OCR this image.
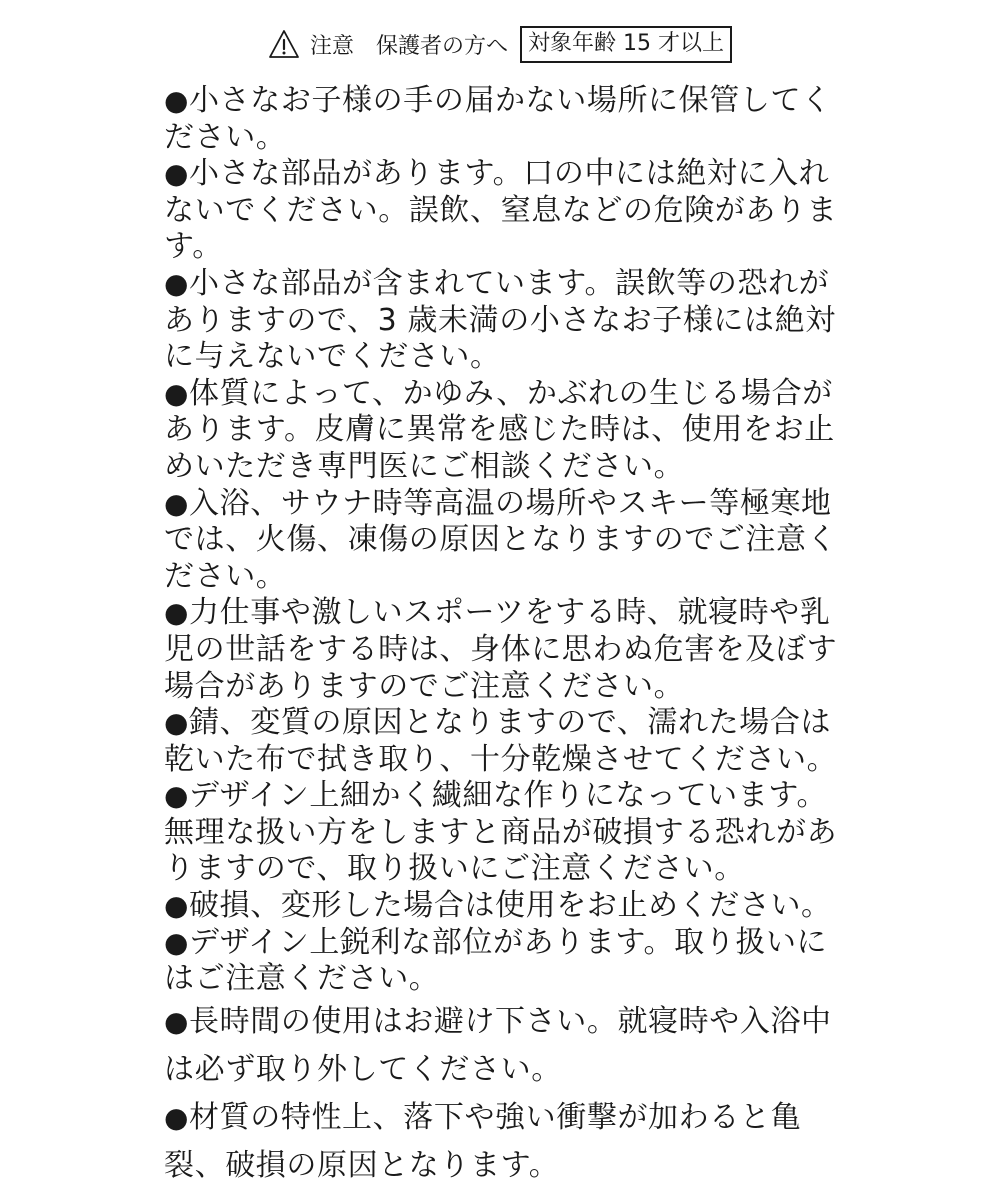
注意 保護者の方へ 対象年齢 15 才以上

●小さなお子様の手の届かない場所に保管してください。

●小さな部品があります。口の中には絶対に入れないでください。誤飲、窒息などの危険があります。

●小さな部品が含まれています。誤飲等の恐れがありますので、3 歳未満の小さなお子様には絶対に与えないでください。

●体質によって、かゆみ、かぶれの生じる場合があります。皮膚に異常を感じた時は、使用をお止めいただき専門医にご相談ください。

●入浴、サウナ時等高温の場所やスキー等極寒地では、火傷、凍傷の原因となりますのでご注意ください。

●力仕事や激しいスポーツをする時、就寝時や乳児の世話をする時は、身体に思わぬ危害を及ぼす場合がありますのでご注意ください。

●錆、変質の原因となりますので、濡れた場合は乾いた布で拭き取り、十分乾燥させてください。

●デザイン上細かく繊細な作りになっています。無理な扱い方をしますと商品が破損する恐れがありますので、取り扱いにご注意ください。

●破損、変形した場合は使用をお止めください。

●デザイン上鋭利な部位があります。取り扱いにはご注意ください。

●長時間の使用はお避け下さい。就寝時や入浴中は必ず取り外してください。

●材質の特性上、落下や強い衝撃が加わると亀裂、破損の原因となります。
